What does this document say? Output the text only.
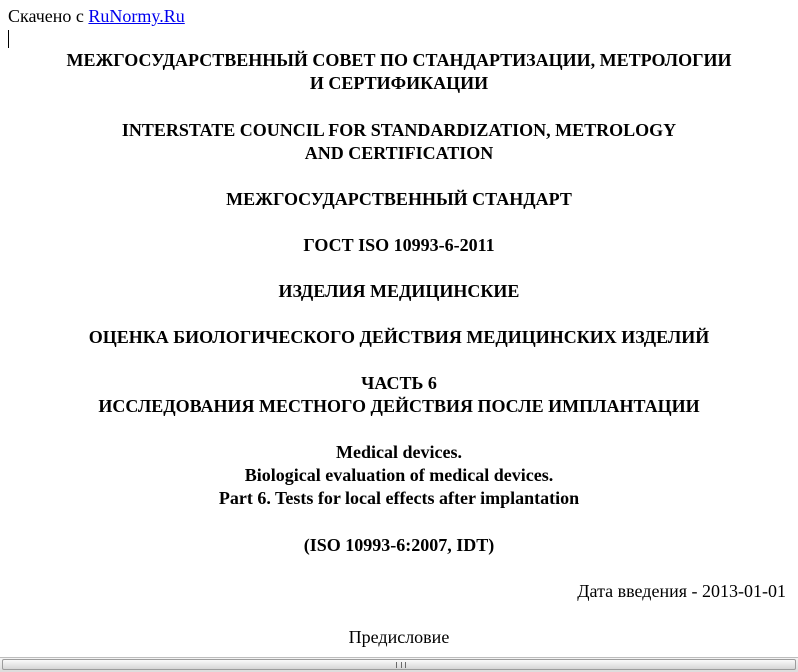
Скачено с RuNormy.Ru
МЕЖГОСУДАРСТВЕННЫЙ СОВЕТ ПО СТАНДАРТИЗАЦИИ, МЕТРОЛОГИИ
И СЕРТИФИКАЦИИ
INTERSTATE COUNCIL FOR STANDARDIZATION, METROLOGY
AND CERTIFICATION
МЕЖГОСУДАРСТВЕННЫЙ СТАНДАРТ
ГОСТ ISO 10993-6-2011
ИЗДЕЛИЯ МЕДИЦИНСКИЕ
ОЦЕНКА БИОЛОГИЧЕСКОГО ДЕЙСТВИЯ МЕДИЦИНСКИХ ИЗДЕЛИЙ
ЧАСТЬ 6
ИССЛЕДОВАНИЯ МЕСТНОГО ДЕЙСТВИЯ ПОСЛЕ ИМПЛАНТАЦИИ
Medical devices.
Biological evaluation of medical devices.
Part 6. Tests for local effects after implantation
(ISO 10993-6:2007, IDT)
Дата введения - 2013-01-01
Предисловие
